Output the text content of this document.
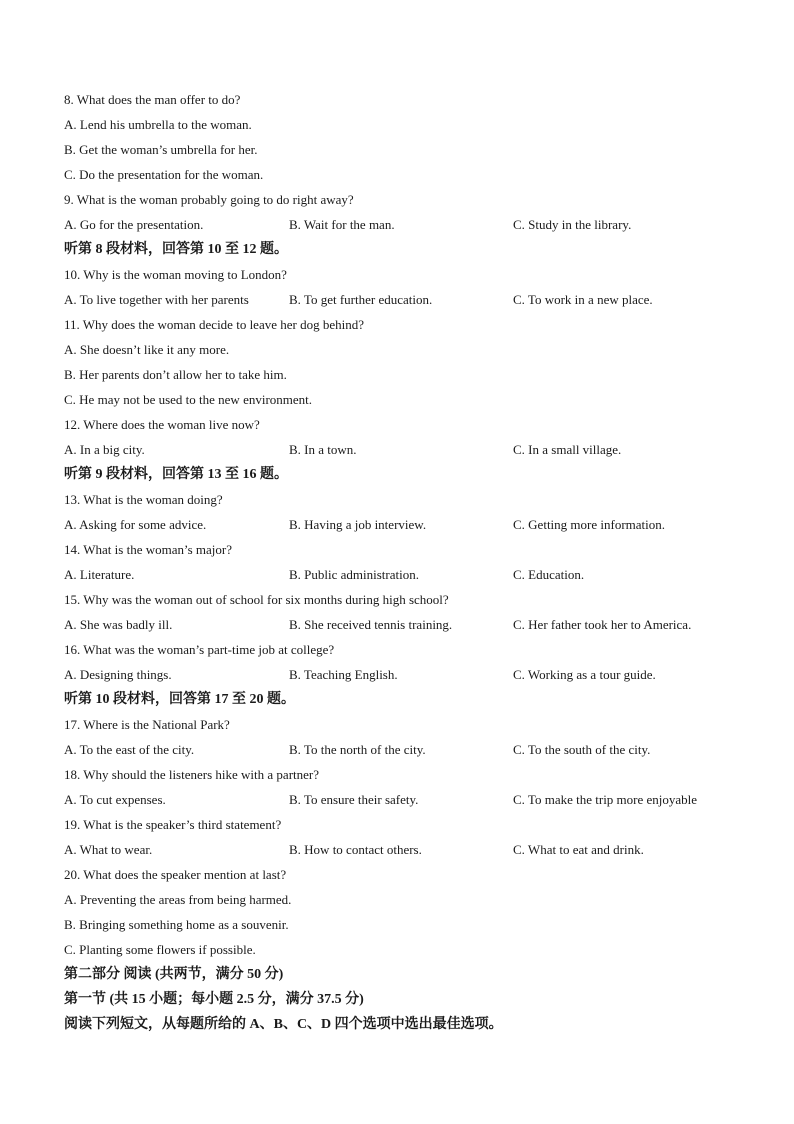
8. What does the man offer to do?
A. Lend his umbrella to the woman.
B. Get the woman’s umbrella for her.
C. Do the presentation for the woman.
9. What is the woman probably going to do right away?
A. Go for the presentation.	B. Wait for the man.	C. Study in the library.
听第 8 段材料，回答第 10 至 12 题。
10. Why is the woman moving to London?
A. To live together with her parents	B. To get further education.	C. To work in a new place.
11. Why does the woman decide to leave her dog behind?
A. She doesn’t like it any more.
B. Her parents don’t allow her to take him.
C. He may not be used to the new environment.
12. Where does the woman live now?
A. In a big city.	B. In a town.	C. In a small village.
听第 9 段材料，回答第 13 至 16 题。
13. What is the woman doing?
A. Asking for some advice.	B. Having a job interview.	C. Getting more information.
14. What is the woman’s major?
A. Literature.	B. Public administration.	C. Education.
15. Why was the woman out of school for six months during high school?
A. She was badly ill.	B. She received tennis training.	C. Her father took her to America.
16. What was the woman’s part-time job at college?
A. Designing things.	B. Teaching English.	C. Working as a tour guide.
听第 10 段材料，回答第 17 至 20 题。
17. Where is the National Park?
A. To the east of the city.	B. To the north of the city.	C. To the south of the city.
18. Why should the listeners hike with a partner?
A. To cut expenses.	B. To ensure their safety.	C. To make the trip more enjoyable
19. What is the speaker’s third statement?
A. What to wear.	B. How to contact others.	C. What to eat and drink.
20. What does the speaker mention at last?
A. Preventing the areas from being harmed.
B. Bringing something home as a souvenir.
C. Planting some flowers if possible.
第二部分 阅读 (共两节，满分 50 分)
第一节 (共 15 小题；每小题 2.5 分，满分 37.5 分)
阅读下列短文，从每题所给的 A、B、C、D 四个选项中选出最佳选项。
